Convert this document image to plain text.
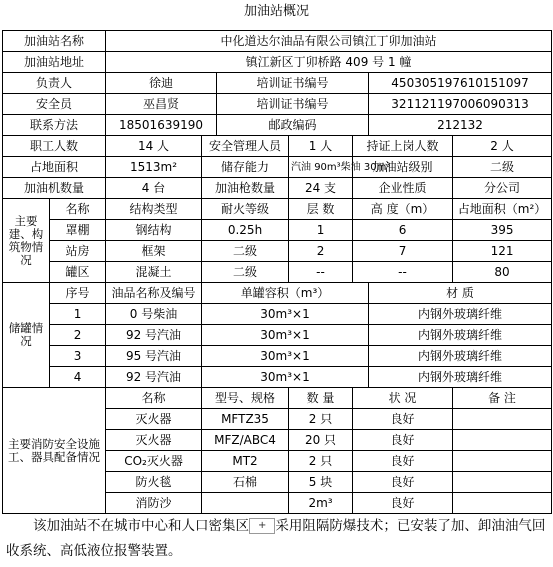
加油站概况
加油站名称		中化道达尔油品有限公司镇江丁卯加油站							
加油站地址		镇江新区丁卯桥路 409 号 1 幢							
负责人		徐迪		培训证书编号			450305197610151097		
安全员		巫昌贤		培训证书编号			321121197006090313		
联系方法		18501639190		邮政编码			212132		
职工人数		14 人	安全管理人员		1 人	持证上岗人数		2 人	
占地面积		1513m²	储存能力		汽油 90m³柴油 30m³	加油站级别		二级	
加油机数量		4 台	加油枪数量		24 支	企业性质		分公司	
主要建、构筑物情况	名称	结构类型	耐火等级		层 数	高 度（m）		占地面积（m²）	
	罩棚	钢结构	0.25h		1	6		395	
	站房	框架	二级		2	7		121	
	罐区	混凝土	二级		--	--		80	
储罐情况	序号	油品名称及编号	单罐容积（m³）				材 质	
	1	0 号柴油	30m³×1				内钢外玻璃纤维	
	2	92 号汽油	30m³×1				内钢外玻璃纤维	
	3	95 号汽油	30m³×1				内钢外玻璃纤维	
	4	92 号汽油	30m³×1				内钢外玻璃纤维	
主要消防安全设施工、器具配备情况		名称	型号、规格		数 量	状 况		备 注	
		灭火器	MFTZ35		2 只	良好			
		灭火器	MFZ/ABC4		20 只	良好			
		CO₂灭火器	MT2		2 只	良好			
		防火毯	石棉		5 块	良好			
		消防沙			2m³	良好			
该加油站不在城市中心和人口密集区 + 采用阻隔防爆技术；已安装了加、卸油油气回收系统、高低液位报警装置。
